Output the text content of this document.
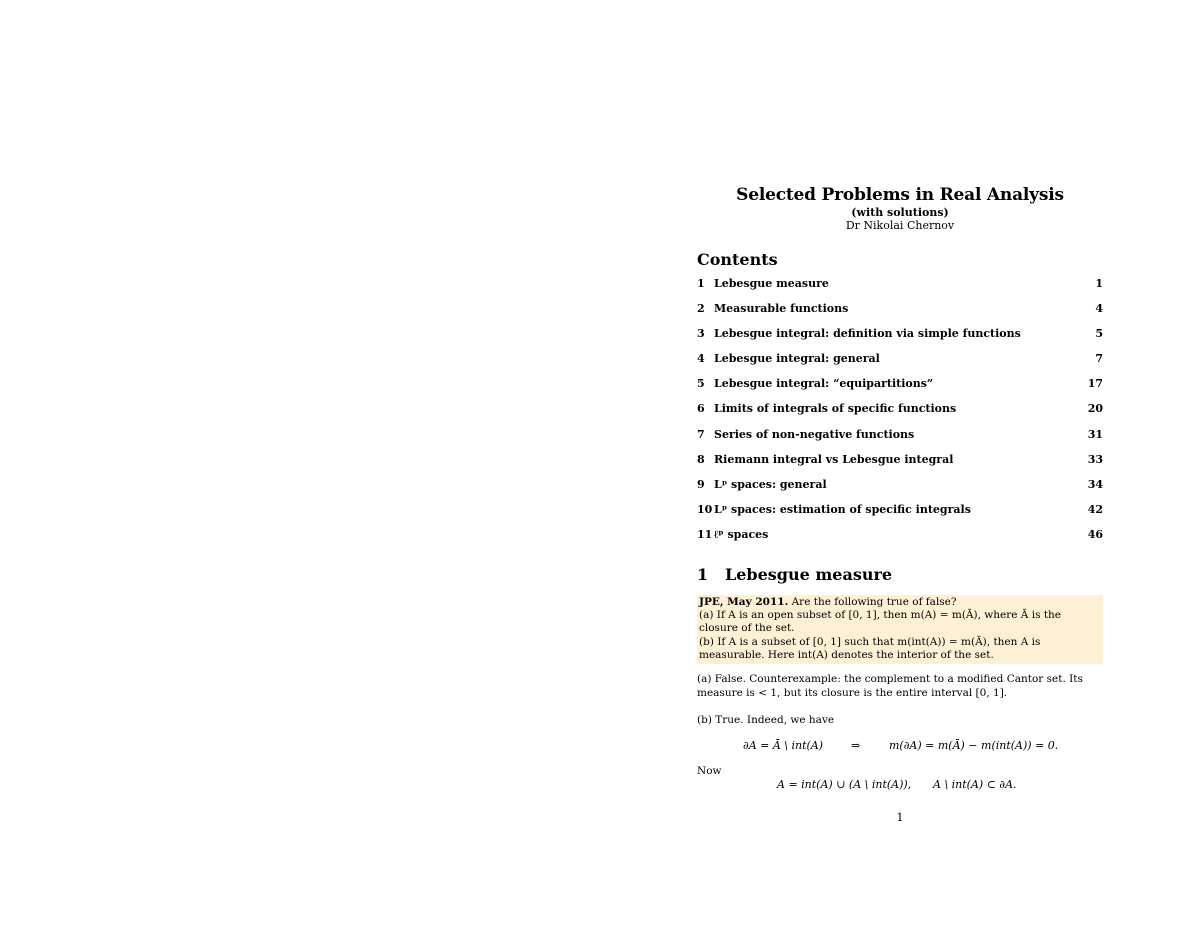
Selected Problems in Real Analysis
(with solutions)
Dr Nikolai Chernov
Contents
1 Lebesgue measure	1
2 Measurable functions	4
3 Lebesgue integral: definition via simple functions	5
4 Lebesgue integral: general	7
5 Lebesgue integral: “equipartitions”	17
6 Limits of integrals of specific functions	20
7 Series of non-negative functions	31
8 Riemann integral vs Lebesgue integral	33
9 Lᵖ spaces: general	34
10 Lᵖ spaces: estimation of specific integrals	42
11 ℓᵖ spaces	46
1 Lebesgue measure
JPE, May 2011. Are the following true of false?
(a) If A is an open subset of [0, 1], then m(A) = m(Ā), where Ā is the closure of the set.
(b) If A is a subset of [0, 1] such that m(int(A)) = m(Ā), then A is measurable. Here int(A) denotes the interior of the set.
(a) False. Counterexample: the complement to a modified Cantor set. Its measure is < 1, but its closure is the entire interval [0, 1].
(b) True. Indeed, we have
∂A = Ā \ int(A)	⇒	m(∂A) = m(Ā) − m(int(A)) = 0.
Now
A = int(A) ∪ (A \ int(A)), A \ int(A) ⊂ ∂A.
1
